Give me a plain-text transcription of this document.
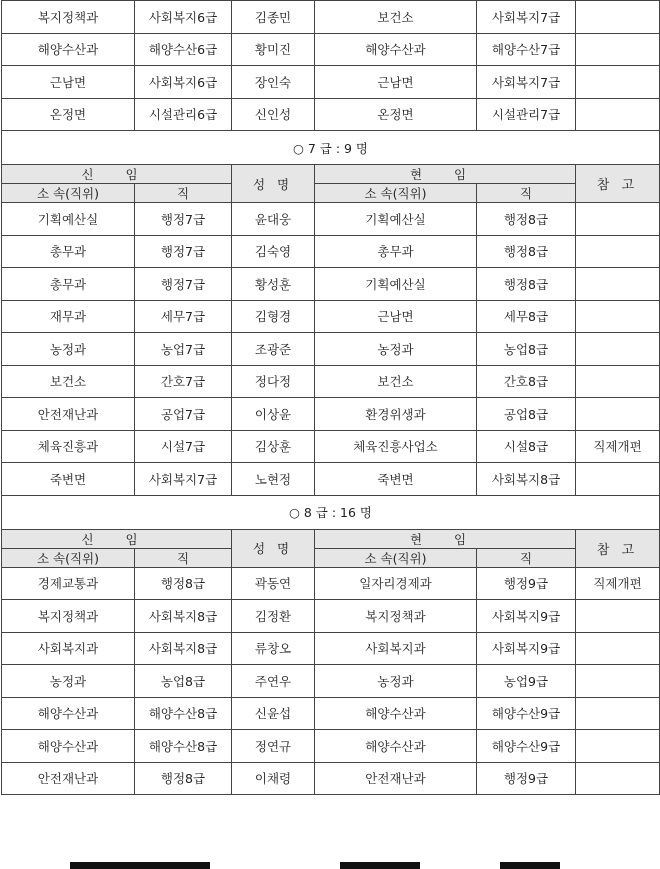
복지정책과	사회복지6급	김종민	보건소	사회복지7급	
해양수산과	해양수산6급	황미진	해양수산과	해양수산7급	
근남면	사회복지6급	장인숙	근남면	사회복지7급	
온정면	시설관리6급	신인성	온정면	시설관리7급	
○ 7 급 : 9 명					
신 임		성 명	현 임		참 고
소 속(직위)	직		소 속(직위)	직	
기획예산실	행정7급	윤대웅	기획예산실	행정8급	
총무과	행정7급	김숙영	총무과	행정8급	
총무과	행정7급	황성훈	기획예산실	행정8급	
재무과	세무7급	김형경	근남면	세무8급	
농정과	농업7급	조광준	농정과	농업8급	
보건소	간호7급	정다정	보건소	간호8급	
안전재난과	공업7급	이상윤	환경위생과	공업8급	
체육진흥과	시설7급	김상훈	체육진흥사업소	시설8급	직제개편
죽변면	사회복지7급	노현정	죽변면	사회복지8급	
○ 8 급 : 16 명					
신 임		성 명	현 임		참 고
소 속(직위)	직		소 속(직위)	직	
경제교통과	행정8급	곽동연	일자리경제과	행정9급	직제개편
복지정책과	사회복지8급	김정환	복지정책과	사회복지9급	
사회복지과	사회복지8급	류창오	사회복지과	사회복지9급	
농정과	농업8급	주연우	농정과	농업9급	
해양수산과	해양수산8급	신윤섭	해양수산과	해양수산9급	
해양수산과	해양수산8급	정연규	해양수산과	해양수산9급	
안전재난과	행정8급	이채령	안전재난과	행정9급	
